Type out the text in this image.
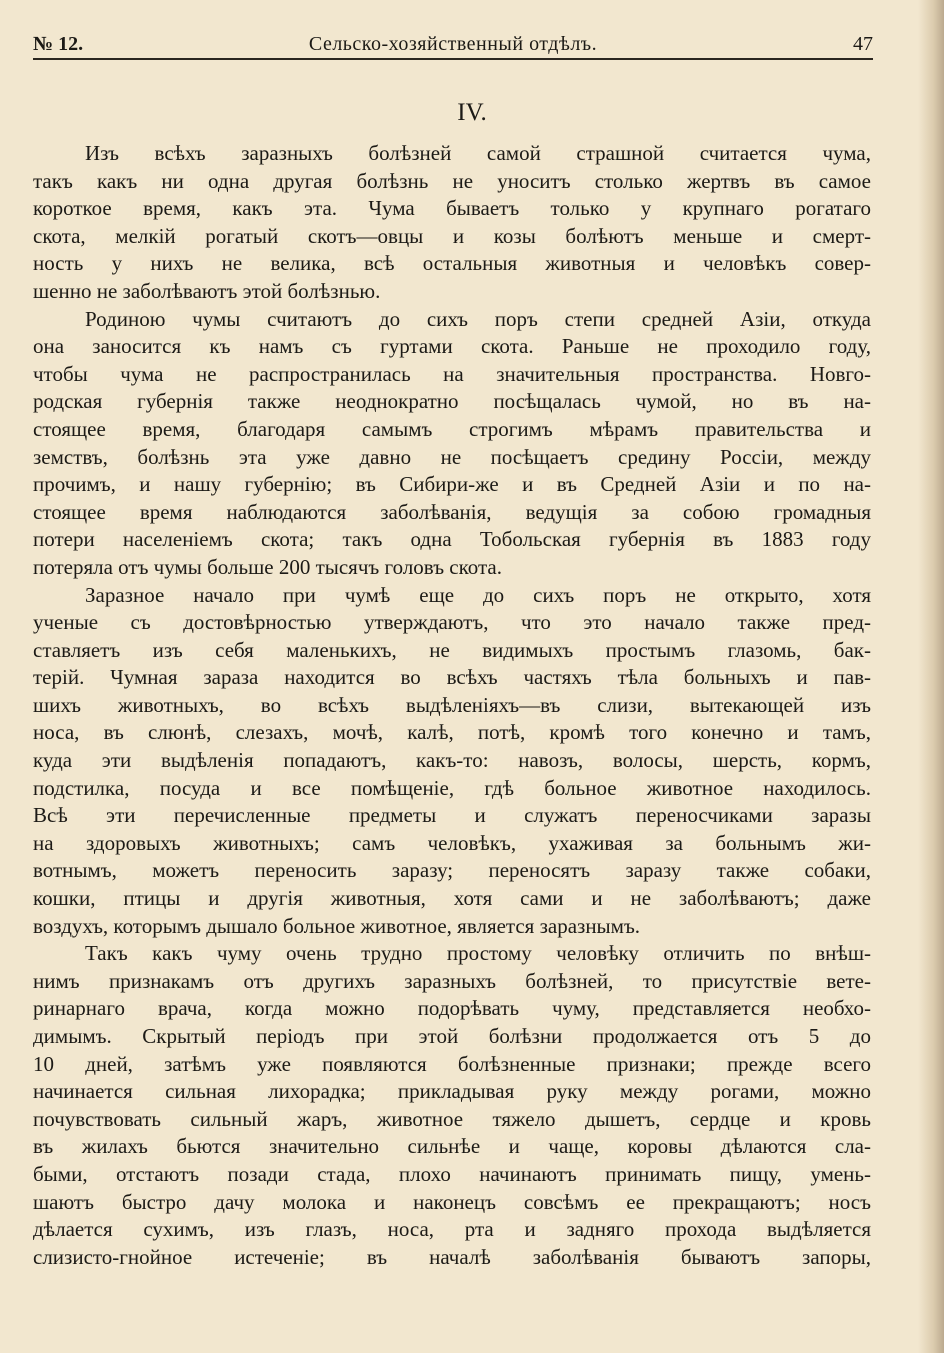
№ 12.	Сельско-хозяйственный отдѣлъ.	47
IV.
Изъ всѣхъ заразныхъ болѣзней самой страшной считается чума,
такъ какъ ни одна другая болѣзнь не уноситъ столько жертвъ въ самое
короткое время, какъ эта. Чума бываетъ только у крупнаго рогатаго
скота, мелкій рогатый скотъ—овцы и козы болѣютъ меньше и смерт-
ность у нихъ не велика, всѣ остальныя животныя и человѣкъ совер-
шенно не заболѣваютъ этой болѣзнью.
Родиною чумы считаютъ до сихъ поръ степи средней Азіи, откуда
она заносится къ намъ съ гуртами скота. Раньше не проходило году,
чтобы чума не распространилась на значительныя пространства. Новго-
родская губернія также неоднократно посѣщалась чумой, но въ на-
стоящее время, благодаря самымъ строгимъ мѣрамъ правительства и
земствъ, болѣзнь эта уже давно не посѣщаетъ средину Россіи, между
прочимъ, и нашу губернію; въ Сибири-же и въ Средней Азіи и по на-
стоящее время наблюдаются заболѣванія, ведущія за собою громадныя
потери населеніемъ скота; такъ одна Тобольская губернія въ 1883 году
потеряла отъ чумы больше 200 тысячъ головъ скота.
Заразное начало при чумѣ еще до сихъ поръ не открыто, хотя
ученые съ достовѣрностью утверждаютъ, что это начало также пред-
ставляетъ изъ себя маленькихъ, не видимыхъ простымъ глазомь, бак-
терій. Чумная зараза находится во всѣхъ частяхъ тѣла больныхъ и пав-
шихъ животныхъ, во всѣхъ выдѣленіяхъ—въ слизи, вытекающей изъ
носа, въ слюнѣ, слезахъ, мочѣ, калѣ, потѣ, кромѣ того конечно и тамъ,
куда эти выдѣленія попадаютъ, какъ-то: навозъ, волосы, шерсть, кормъ,
подстилка, посуда и все помѣщеніе, гдѣ больное животное находилось.
Всѣ эти перечисленные предметы и служатъ переносчиками заразы
на здоровыхъ животныхъ; самъ человѣкъ, ухаживая за больнымъ жи-
вотнымъ, можетъ переносить заразу; переносятъ заразу также собаки,
кошки, птицы и другія животныя, хотя сами и не заболѣваютъ; даже
воздухъ, которымъ дышало больное животное, является заразнымъ.
Такъ какъ чуму очень трудно простому человѣку отличить по внѣш-
нимъ признакамъ отъ другихъ заразныхъ болѣзней, то присутствіе вете-
ринарнаго врача, когда можно подорѣвать чуму, представляется необхо-
димымъ. Скрытый періодъ при этой болѣзни продолжается отъ 5 до
10 дней, затѣмъ уже появляются болѣзненные признаки; прежде всего
начинается сильная лихорадка; прикладывая руку между рогами, можно
почувствовать сильный жаръ, животное тяжело дышетъ, сердце и кровь
въ жилахъ бьются значительно сильнѣе и чаще, коровы дѣлаются сла-
быми, отстаютъ позади стада, плохо начинаютъ принимать пищу, умень-
шаютъ быстро дачу молока и наконецъ совсѣмъ ее прекращаютъ; носъ
дѣлается сухимъ, изъ глазъ, носа, рта и задняго прохода выдѣляется
слизисто-гнойное истеченіе; въ началѣ заболѣванія бываютъ запоры,
